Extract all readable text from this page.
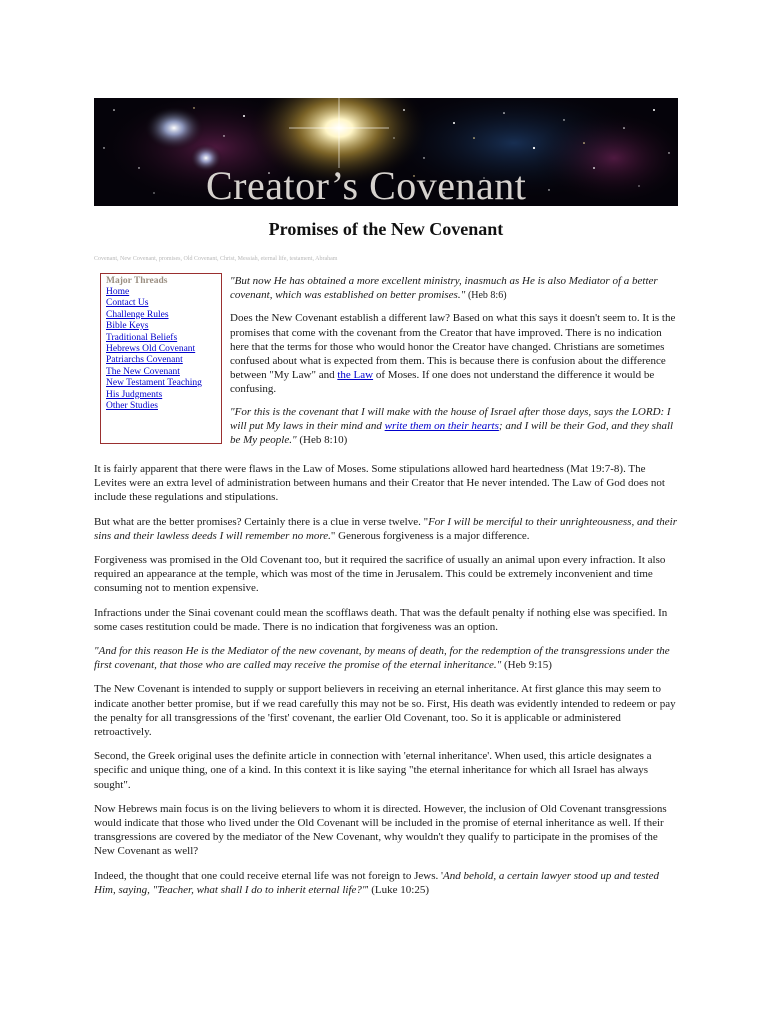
Creator’s Covenant
Promises of the New Covenant
Covenant, New Covenant, promises, Old Covenant, Christ, Messiah, eternal life, testament, Abraham
Major Threads
Home
Contact Us
Challenge Rules
Bible Keys
Traditional Beliefs
Hebrews Old Covenant
Patriarchs Covenant
The New Covenant
New Testament Teaching
His Judgments
Other Studies

"But now He has obtained a more excellent ministry, inasmuch as He is also Mediator of a better covenant, which was established on better promises." (Heb 8:6)

Does the New Covenant establish a different law? Based on what this says it doesn't seem to. It is the promises that come with the covenant from the Creator that have improved. There is no indication here that the terms for those who would honor the Creator have changed. Christians are sometimes confused about what is expected from them. This is because there is confusion about the difference between "My Law" and the Law of Moses. If one does not understand the difference it would be confusing.

"For this is the covenant that I will make with the house of Israel after those days, says the LORD: I will put My laws in their mind and write them on their hearts; and I will be their God, and they shall be My people." (Heb 8:10)

It is fairly apparent that there were flaws in the Law of Moses. Some stipulations allowed hard heartedness (Mat 19:7-8). The Levites were an extra level of administration between humans and their Creator that He never intended. The Law of God does not include these regulations and stipulations.

But what are the better promises? Certainly there is a clue in verse twelve. "For I will be merciful to their unrighteousness, and their sins and their lawless deeds I will remember no more." Generous forgiveness is a major difference.

Forgiveness was promised in the Old Covenant too, but it required the sacrifice of usually an animal upon every infraction. It also required an appearance at the temple, which was most of the time in Jerusalem. This could be extremely inconvenient and time consuming not to mention expensive.

Infractions under the Sinai covenant could mean the scofflaws death. That was the default penalty if nothing else was specified. In some cases restitution could be made. There is no indication that forgiveness was an option.

"And for this reason He is the Mediator of the new covenant, by means of death, for the redemption of the transgressions under the first covenant, that those who are called may receive the promise of the eternal inheritance." (Heb 9:15)

The New Covenant is intended to supply or support believers in receiving an eternal inheritance. At first glance this may seem to indicate another better promise, but if we read carefully this may not be so. First, His death was evidently intended to redeem or pay the penalty for all transgressions of the 'first' covenant, the earlier Old Covenant, too. So it is applicable or administered retroactively.

Second, the Greek original uses the definite article in connection with 'eternal inheritance'. When used, this article designates a specific and unique thing, one of a kind. In this context it is like saying "the eternal inheritance for which all Israel has always sought".

Now Hebrews main focus is on the living believers to whom it is directed. However, the inclusion of Old Covenant transgressions would indicate that those who lived under the Old Covenant will be included in the promise of eternal inheritance as well. If their transgressions are covered by the mediator of the New Covenant, why wouldn't they qualify to participate in the promises of the New Covenant as well?

Indeed, the thought that one could receive eternal life was not foreign to Jews. 'And behold, a certain lawyer stood up and tested Him, saying, "Teacher, what shall I do to inherit eternal life?"' (Luke 10:25)
